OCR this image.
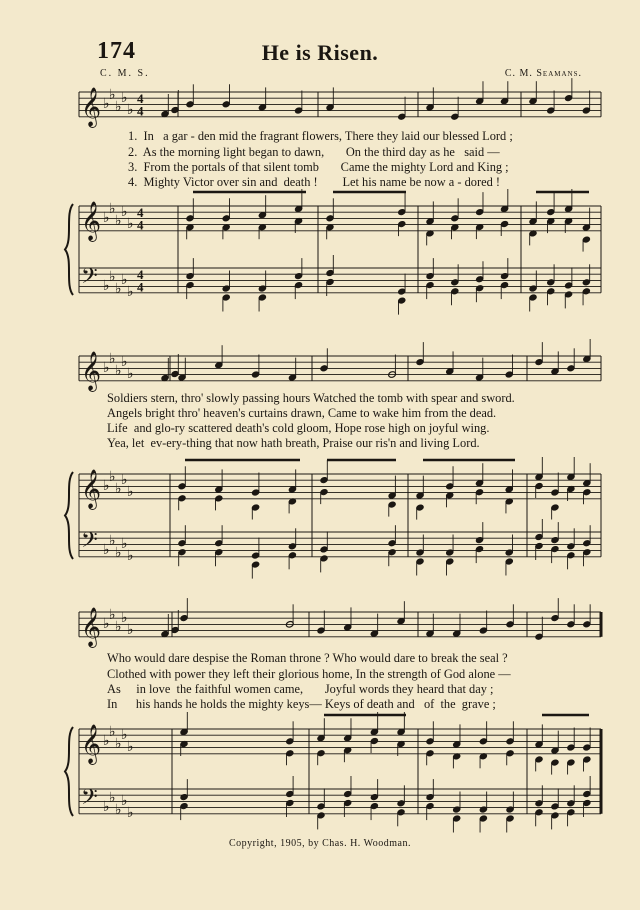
174	He is Risen.
C. M. S.	C. M. Seamans.
𝄞 ♭
♭
♭
♭
♭
4
4
𝄞 ♭
♭
♭
♭
♭
4
4
𝄢 ♭
♭
♭
♭
♭
4
4
𝄞 ♭
♭
♭
♭
♭
𝄞 ♭
♭
♭
♭
♭
𝄢 ♭
♭
♭
♭
♭
𝄞 ♭
♭
♭
♭
♭
𝄞 ♭
♭
♭
♭
♭
𝄢 ♭
♭
♭
♭
♭
1.  In   a gar - den mid the fragrant flowers, There they laid our blessed Lord ;
2.  As the morning light began to dawn,       On the third day as he   said —
3.  From the portals of that silent tomb       Came the mighty Lord and King ;
4.  Mighty Victor over sin and  death !        Let his name be now a - dored !
Soldiers stern, thro' slowly passing hours Watched the tomb with spear and sword.
Angels bright thro' heaven's curtains drawn, Came to wake him from the dead.
Life  and glo-ry scattered death's cold gloom, Hope rose high on joyful wing.
Yea, let  ev-ery-thing that now hath breath, Praise our ris'n and living Lord.
Who would dare despise the Roman throne ? Who would dare to break the seal ?
Clothed with power they left their glorious home, In the strength of God alone —
As     in love  the faithful women came,       Joyful words they heard that day ;
In      his hands he holds the mighty keys— Keys of death and   of  the  grave ;
Copyright, 1905, by Chas. H. Woodman.
